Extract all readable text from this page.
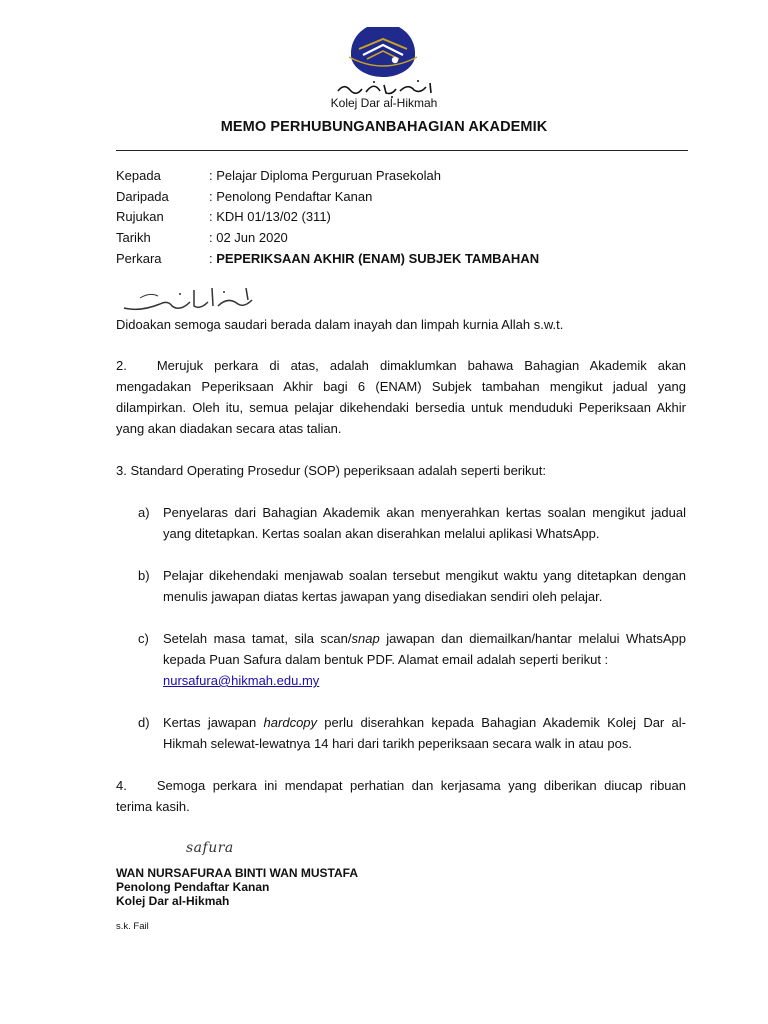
Kolej Dar al-Hikmah
MEMO PERHUBUNGANBAHAGIAN AKADEMIK
Kepada	: Pelajar Diploma Perguruan Prasekolah
Daripada	: Penolong Pendaftar Kanan
Rujukan	: KDH 01/13/02 (311)
Tarikh	: 02 Jun 2020
Perkara	: PEPERIKSAAN AKHIR (ENAM) SUBJEK TAMBAHAN
Didoakan semoga saudari berada dalam inayah dan limpah kurnia Allah s.w.t.
2. Merujuk perkara di atas, adalah dimaklumkan bahawa Bahagian Akademik akan
mengadakan Peperiksaan Akhir bagi 6 (ENAM) Subjek tambahan mengikut jadual yang dilampirkan. Oleh itu, semua pelajar dikehendaki bersedia untuk menduduki Peperiksaan Akhir yang akan diadakan secara atas talian.
3. Standard Operating Prosedur (SOP) peperiksaan adalah seperti berikut:
a) Penyelaras dari Bahagian Akademik akan menyerahkan kertas soalan mengikut jadual yang ditetapkan. Kertas soalan akan diserahkan melalui aplikasi WhatsApp.
b) Pelajar dikehendaki menjawab soalan tersebut mengikut waktu yang ditetapkan dengan menulis jawapan diatas kertas jawapan yang disediakan sendiri oleh pelajar.
c) Setelah masa tamat, sila scan/snap jawapan dan diemailkan/hantar melalui WhatsApp kepada Puan Safura dalam bentuk PDF. Alamat email adalah seperti berikut :
nursafura@hikmah.edu.my
d) Kertas jawapan hardcopy perlu diserahkan kepada Bahagian Akademik Kolej Dar al-Hikmah selewat-lewatnya 14 hari dari tarikh peperiksaan secara walk in atau pos.
4. Semoga perkara ini mendapat perhatian dan kerjasama yang diberikan diucap ribuan
terima kasih.
safura
WAN NURSAFURAA BINTI WAN MUSTAFA
Penolong Pendaftar Kanan
Kolej Dar al-Hikmah
s.k. Fail
